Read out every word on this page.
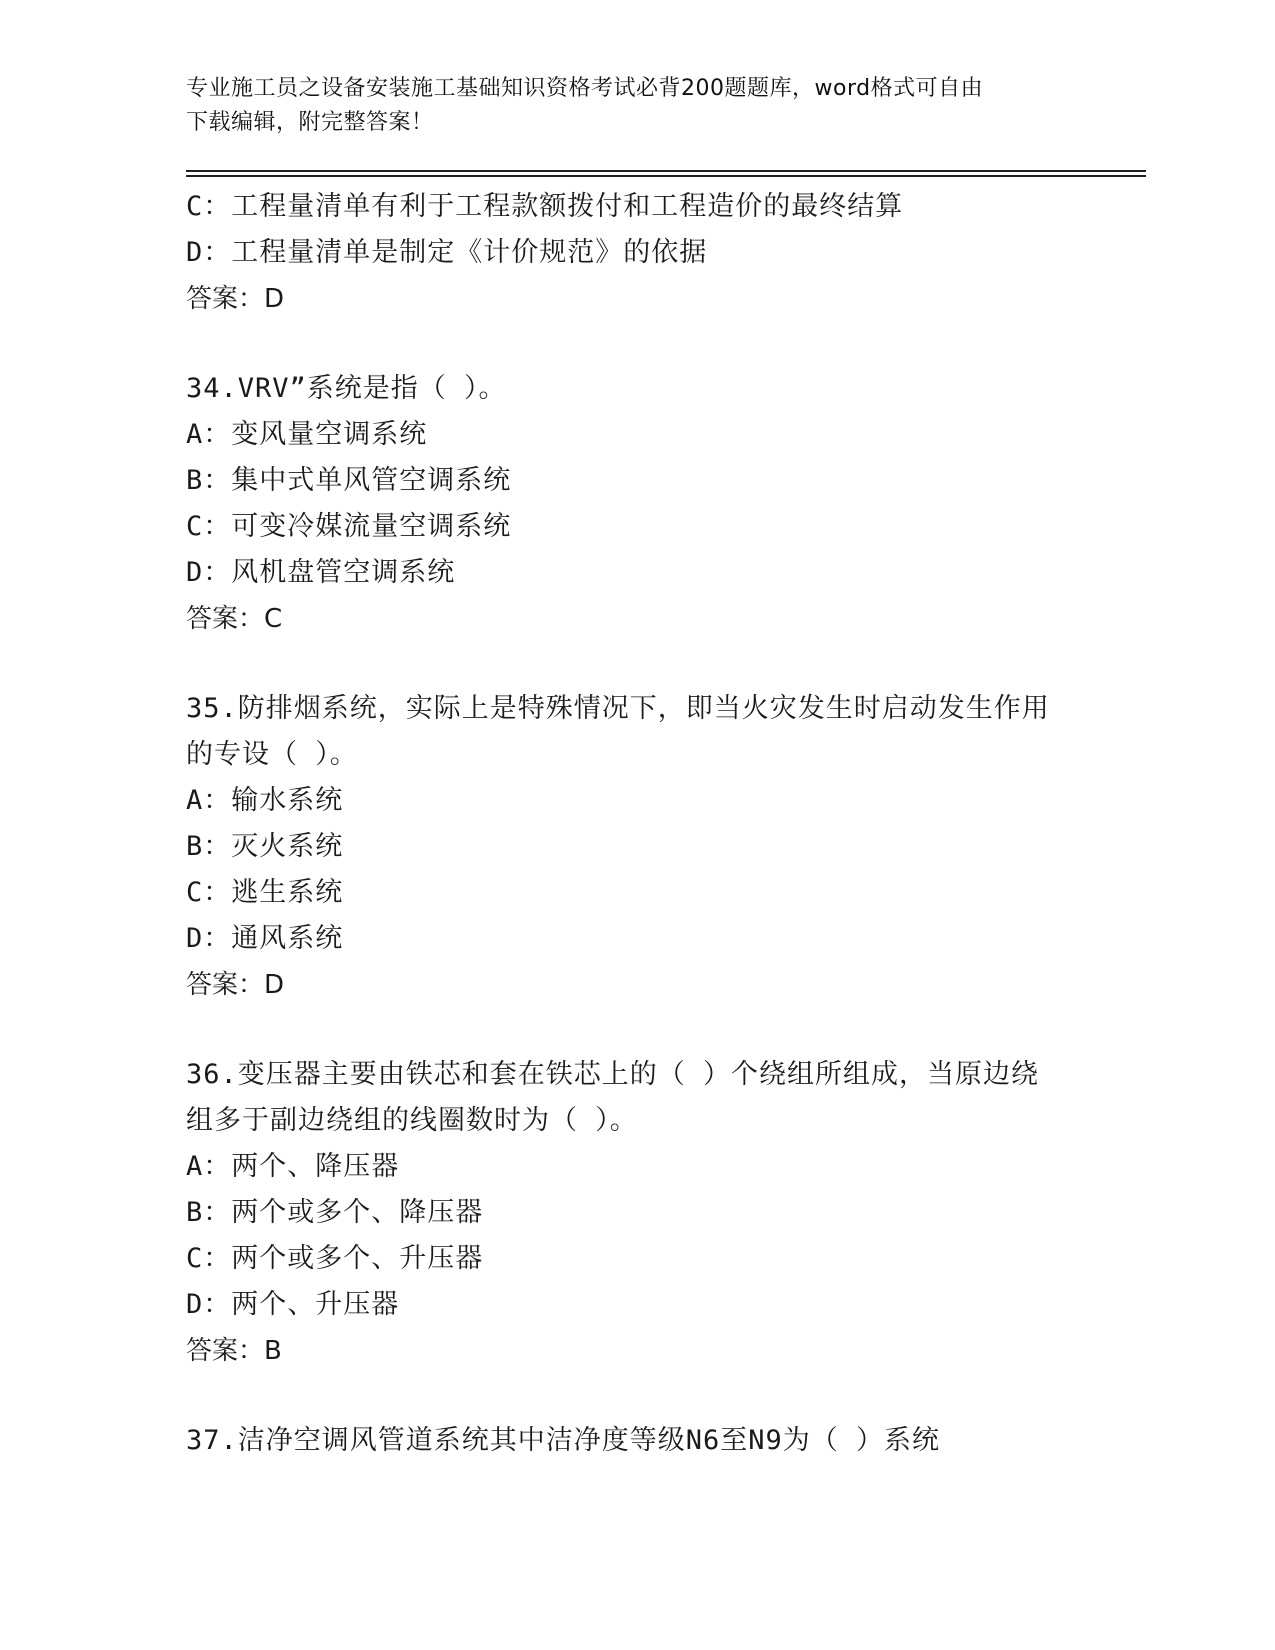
专业施工员之设备安装施工基础知识资格考试必背200题题库，word格式可自由
下载编辑，附完整答案！
C：工程量清单有利于工程款额拨付和工程造价的最终结算
D：工程量清单是制定《计价规范》的依据
答案：D
34.VRV”系统是指（ ）。
A：变风量空调系统
B：集中式单风管空调系统
C：可变冷媒流量空调系统
D：风机盘管空调系统
答案：C
35.防排烟系统，实际上是特殊情况下，即当火灾发生时启动发生作用
的专设（ ）。
A：输水系统
B：灭火系统
C：逃生系统
D：通风系统
答案：D
36.变压器主要由铁芯和套在铁芯上的（ ）个绕组所组成，当原边绕
组多于副边绕组的线圈数时为（ ）。
A：两个、降压器
B：两个或多个、降压器
C：两个或多个、升压器
D：两个、升压器
答案：B
37.洁净空调风管道系统其中洁净度等级N6至N9为（ ）系统
